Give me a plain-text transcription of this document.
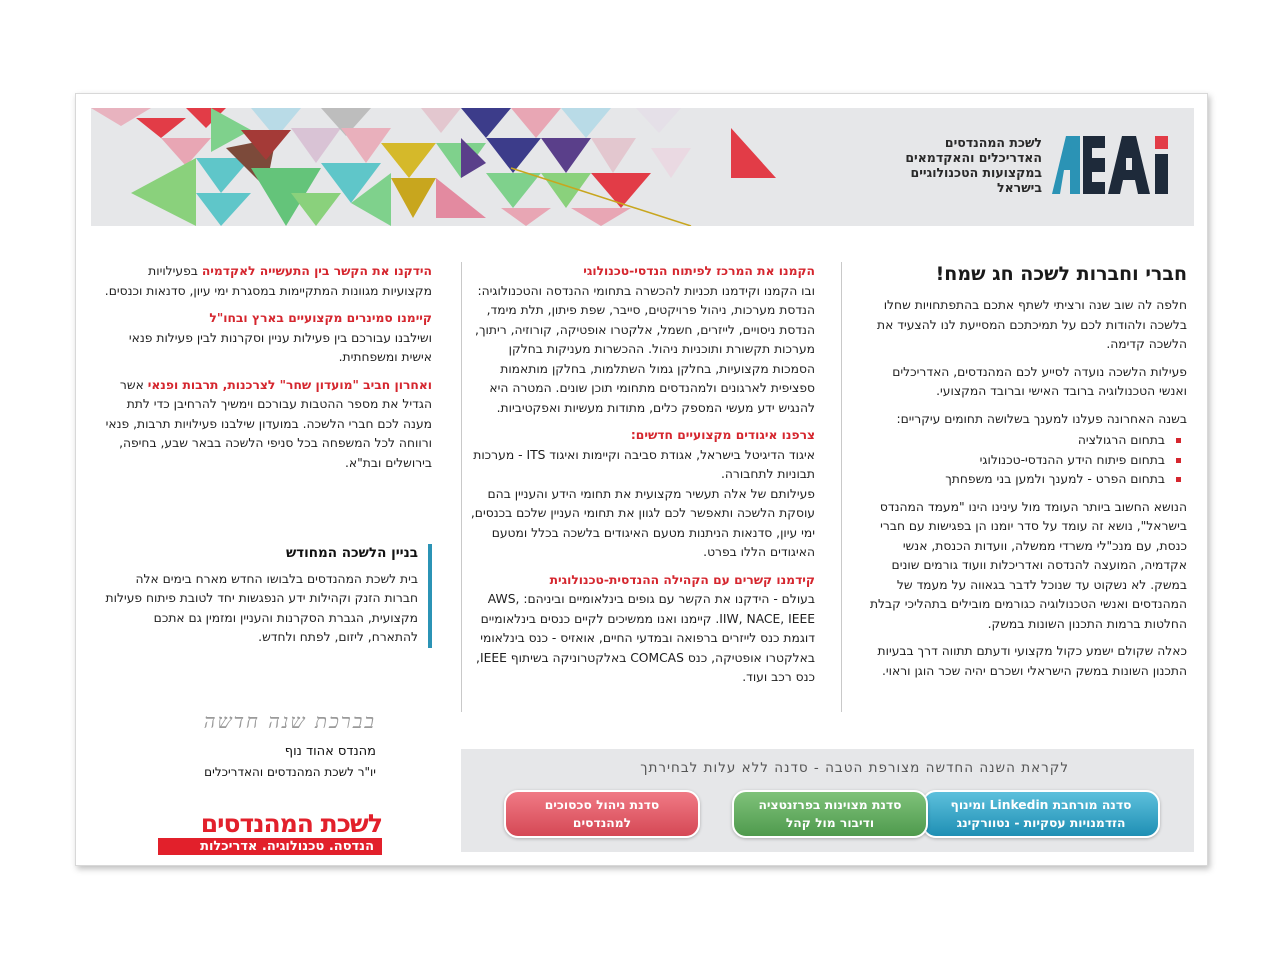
לשכת המהנדסים
האדריכלים והאקדמאים
במקצועות הטכנולוגיים
בישראל
חברי וחברות לשכה חג שמח!

חלפה לה שוב שנה ורציתי לשתף אתכם בהתפתחויות שחלו בלשכה ולהודות לכם על תמיכתכם המסייעת לנו להצעיד את הלשכה קדימה.

פעילות הלשכה נועדה לסייע לכם המהנדסים, האדריכלים ואנשי הטכנולוגיה ברובד האישי וברובד המקצועי.

בשנה האחרונה פעלנו למענך בשלושה תחומים עיקריים:

בתחום הרגולציה
בתחום פיתוח הידע ההנדסי-טכנולוגי
בתחום הפרט - למענך ולמען בני משפחתך

הנושא החשוב ביותר העומד מול עינינו הינו "מעמד המהנדס בישראל", נושא זה עומד על סדר יומנו הן בפגישות עם חברי כנסת, עם מנכ"לי משרדי ממשלה, וועדות הכנסת, אנשי אקדמיה, המועצה להנדסה ואדריכלות וועוד גורמים שונים במשק. לא נשקוט עד שנוכל לדבר בגאווה על מעמד של המהנדסים ואנשי הטכנולוגיה כגורמים מובילים בתהליכי קבלת החלטות ברמות התכנון השונות במשק.

כאלה שקולם ישמע כקול מקצועי ודעתם תתווה דרך בבעיות התכנון השונות במשק הישראלי ושכרם יהיה שכר הוגן וראוי.

הקמנו את המרכז לפיתוח הנדסי-טכנולוגי

ובו הקמנו וקידמנו תכניות להכשרה בתחומי ההנדסה והטכנולוגיה: הנדסת מערכות, ניהול פרויקטים, סייבר, שפת פיתון, תלת מימד, הנדסת ניסויים, לייזרים, חשמל, אלקטרו אופטיקה, קורוזיה, ריתוך, מערכות תקשורת ותוכניות ניהול. ההכשרות מעניקות בחלקן הסמכות מקצועיות, בחלקן גמול השתלמות, בחלקן מותאמות ספציפית לארגונים ולמהנדסים מתחומי תוכן שונים. המטרה היא להנגיש ידע מעשי המספק כלים, מתודות מעשיות ואפקטיביות.

צרפנו איגודים מקצועיים חדשים:

איגוד הדיגיטל בישראל, אגודת סביבה וקיימות ואיגוד ITS - מערכות תבוניות לתחבורה.

פעילותם של אלה תעשיר מקצועית את תחומי הידע והעניין בהם עוסקת הלשכה ותאפשר לכם לגוון את תחומי העניין שלכם בכנסים, ימי עיון, סדנאות הניתנות מטעם האיגודים בלשכה בכלל ומטעם האיגודים הללו בפרט.

קידמנו קשרים עם הקהילה ההנדסית-טכנולוגית

בעולם - הידקנו את הקשר עם גופים בינלאומיים וביניהם: AWS, IIW, NACE, IEEE. קיימנו ואנו ממשיכים לקיים כנסים בינלאומיים דוגמת כנס לייזרים ברפואה ובמדעי החיים, אואזיס - כנס בינלאומי באלקטרו אופטיקה, כנס COMCAS באלקטרוניקה בשיתוף IEEE, כנס רכב ועוד.

הידקנו את הקשר בין התעשייה לאקדמיה בפעילויות מקצועיות מגוונות המתקיימות במסגרת ימי עיון, סדנאות וכנסים.

קיימנו סמינרים מקצועיים בארץ ובחו"ל

ושילבנו עבורכם בין פעילות עניין וסקרנות לבין פעילות פנאי אישית ומשפחתית.

ואחרון חביב "מועדון שחר" לצרכנות, תרבות ופנאי אשר הגדיל את מספר ההטבות עבורכם וימשיך להרחיבן כדי לתת מענה לכם חברי הלשכה. במועדון שילבנו פעילויות תרבות, פנאי ורווחה לכל המשפחה בכל סניפי הלשכה בבאר שבע, בחיפה, בירושלים ובת"א.

בניין הלשכה המחודש
בית לשכת המהנדסים בלבושו החדש מארח בימים אלה חברות הזנק וקהילות ידע הנפגשות יחד לטובת פיתוח פעילות מקצועית, הגברת הסקרנות והעניין ומזמין גם אתכם להתארח, ליזום, לפתח ולחדש.
בברכת שנה חדשה
מהנדס אהוד נוף
יו"ר לשכת המהנדסים והאדריכלים
לשכת המהנדסים
הנדסה. טכנולוגיה. אדריכלות
לקראת השנה החדשה מצורפת הטבה - סדנה ללא עלות לבחירתך
סדנה מורחבת Linkedin ומינוף הזדמנויות עסקיות - נטוורקינג
סדנת מצוינות בפרזנטציה ודיבור מול קהל
סדנת ניהול סכסוכים למהנדסים
